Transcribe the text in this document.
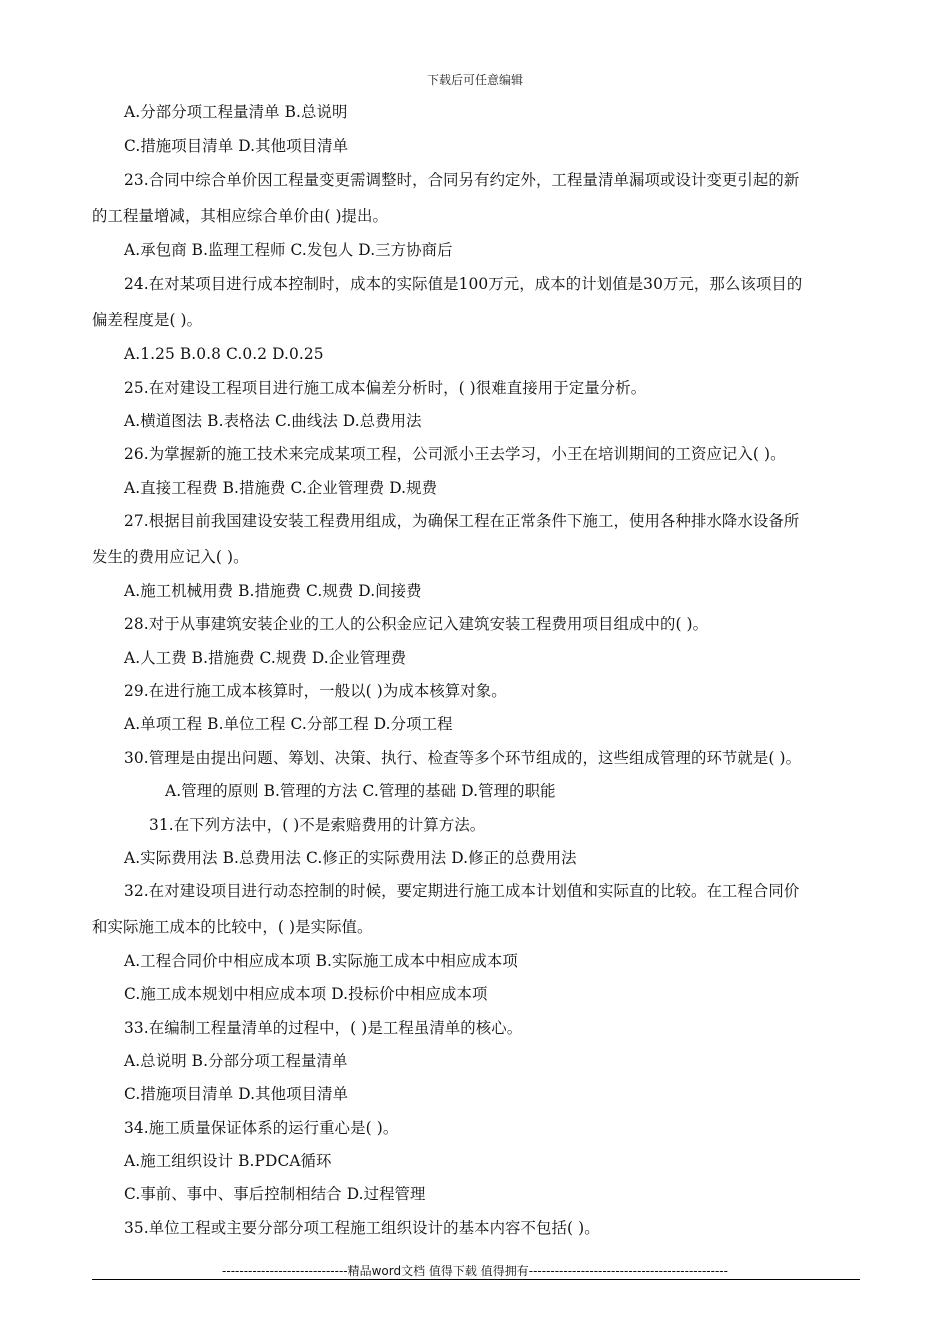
下载后可任意编辑
A.分部分项工程量清单 B.总说明
C.措施项目清单 D.其他项目清单
23.合同中综合单价因工程量变更需调整时，合同另有约定外，工程量清单漏项或设计变更引起的新
的工程量增减，其相应综合单价由( )提出。
A.承包商 B.监理工程师 C.发包人 D.三方协商后
24.在对某项目进行成本控制时，成本的实际值是100万元，成本的计划值是30万元，那么该项目的
偏差程度是( )。
A.1.25 B.0.8 C.0.2 D.0.25
25.在对建设工程项目进行施工成本偏差分析时，( )很难直接用于定量分析。
A.横道图法 B.表格法 C.曲线法 D.总费用法
26.为掌握新的施工技术来完成某项工程，公司派小王去学习，小王在培训期间的工资应记入( )。
A.直接工程费 B.措施费 C.企业管理费 D.规费
27.根据目前我国建设安装工程费用组成，为确保工程在正常条件下施工，使用各种排水降水设备所
发生的费用应记入( )。
A.施工机械用费 B.措施费 C.规费 D.间接费
28.对于从事建筑安装企业的工人的公积金应记入建筑安装工程费用项目组成中的( )。
A.人工费 B.措施费 C.规费 D.企业管理费
29.在进行施工成本核算时，一般以( )为成本核算对象。
A.单项工程 B.单位工程 C.分部工程 D.分项工程
30.管理是由提出问题、筹划、决策、执行、检查等多个环节组成的，这些组成管理的环节就是( )。
A.管理的原则 B.管理的方法 C.管理的基础 D.管理的职能
31.在下列方法中，( )不是索赔费用的计算方法。
A.实际费用法 B.总费用法 C.修正的实际费用法 D.修正的总费用法
32.在对建设项目进行动态控制的时候，要定期进行施工成本计划值和实际直的比较。在工程合同价
和实际施工成本的比较中，( )是实际值。
A.工程合同价中相应成本项 B.实际施工成本中相应成本项
C.施工成本规划中相应成本项 D.投标价中相应成本项
33.在编制工程量清单的过程中，( )是工程虽清单的核心。
A.总说明 B.分部分项工程量清单
C.措施项目清单 D.其他项目清单
34.施工质量保证体系的运行重心是( )。
A.施工组织设计 B.PDCA循环
C.事前、事中、事后控制相结合 D.过程管理
35.单位工程或主要分部分项工程施工组织设计的基本内容不包括( )。
-----------------------------精品word文档 值得下载 值得拥有----------------------------------------------
